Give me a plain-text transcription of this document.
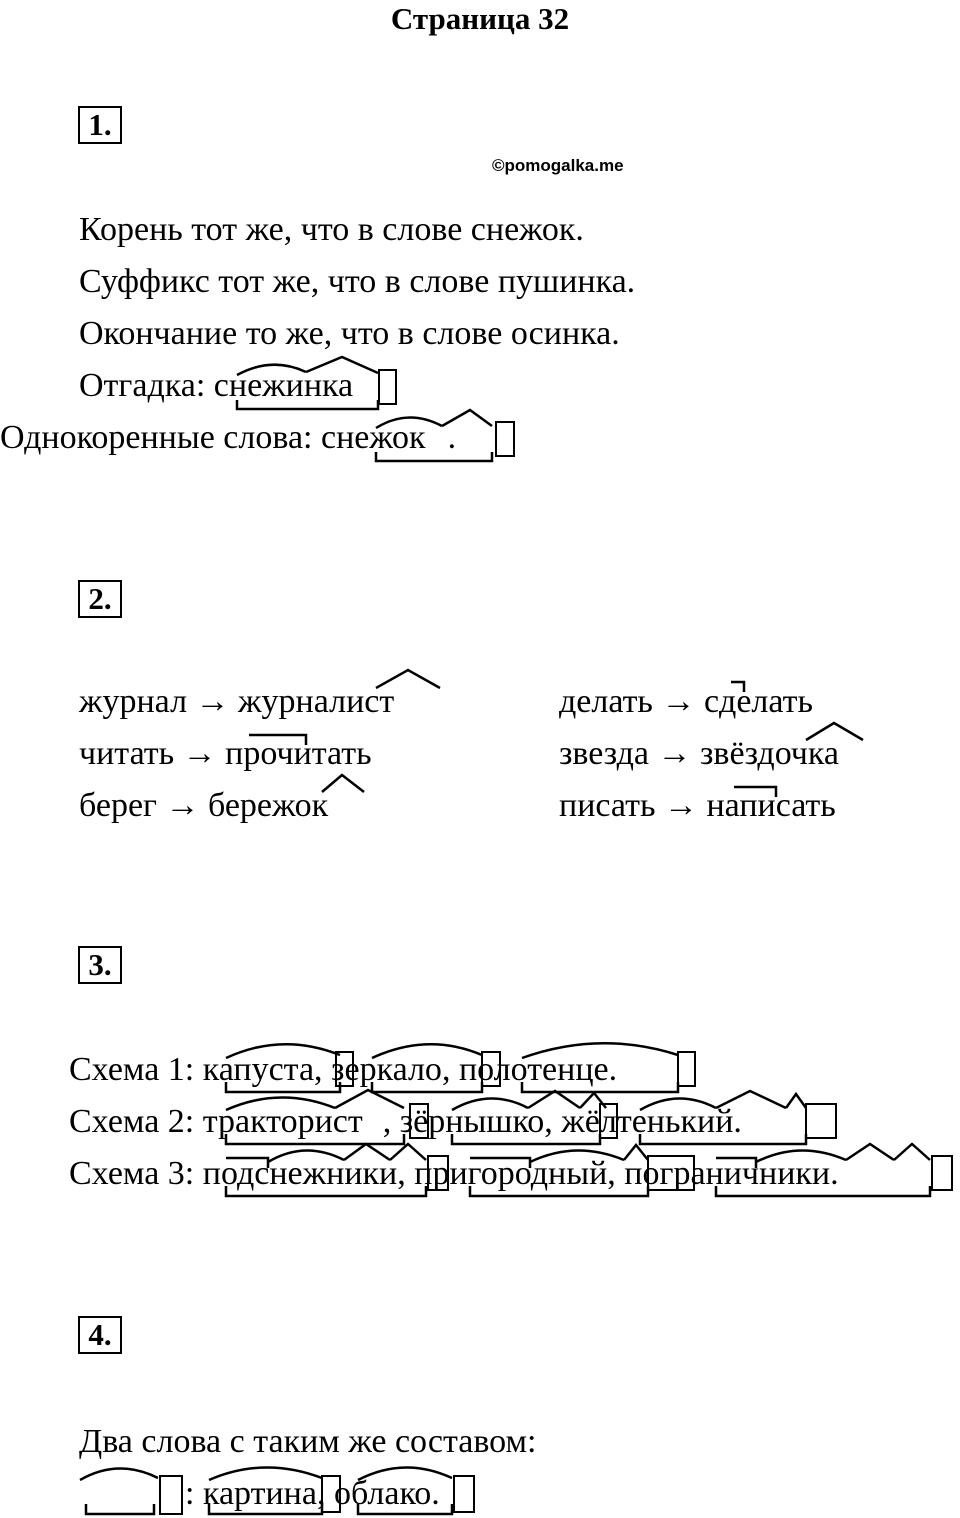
Страница 32
1.
©pomogalka.me
Корень тот же, что в слове снежок.
Суффикс тот же, что в слове пушинка.
Окончание то же, что в слове осинка.
Отгадка: снежинка
Однокоренные слова: снежок .
2.
журнал → журналист
читать → прочитать
берег → бережок
делать → сделать
звезда → звёздочка
писать → написать
3.
Схема 1: капуста, зеркало, полотенце.
Схема 2: тракторист , зёрнышко, жёлтенький.
Схема 3: подснежники, пригородный, пограничники.
4.
Два слова с таким же составом:
: картина, облако.
